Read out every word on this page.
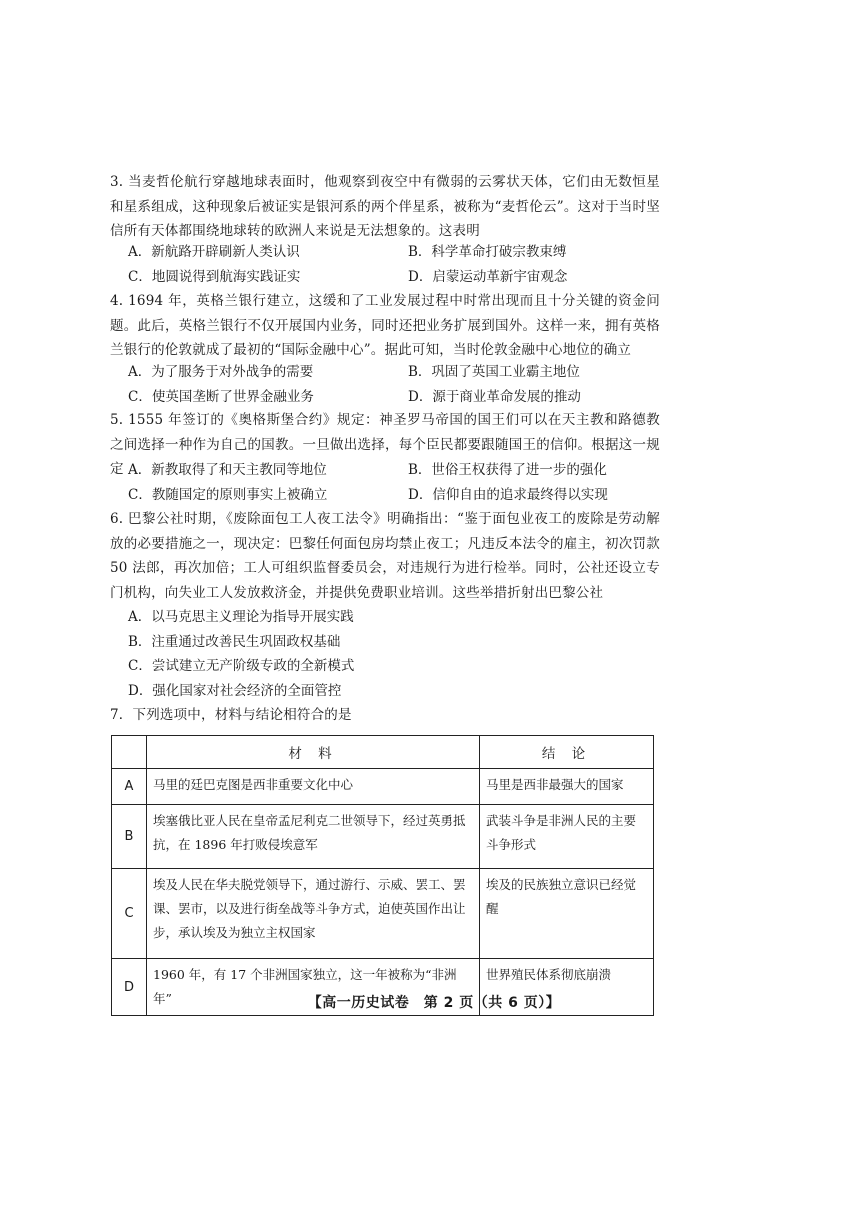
3. 当麦哲伦航行穿越地球表面时，他观察到夜空中有微弱的云雾状天体，它们由无数恒星和星系组成，这种现象后被证实是银河系的两个伴星系，被称为“麦哲伦云”。这对于当时坚信所有天体都围绕地球转的欧洲人来说是无法想象的。这表明

A．新航路开辟刷新人类认识	B．科学革命打破宗教束缚
C．地圆说得到航海实践证实	D．启蒙运动革新宇宙观念

4. 1694 年，英格兰银行建立，这缓和了工业发展过程中时常出现而且十分关键的资金问题。此后，英格兰银行不仅开展国内业务，同时还把业务扩展到国外。这样一来，拥有英格兰银行的伦敦就成了最初的“国际金融中心”。据此可知，当时伦敦金融中心地位的确立

A．为了服务于对外战争的需要	B．巩固了英国工业霸主地位
C．使英国垄断了世界金融业务	D．源于商业革命发展的推动

5. 1555 年签订的《奥格斯堡合约》规定：神圣罗马帝国的国王们可以在天主教和路德教之间选择一种作为自己的国教。一旦做出选择，每个臣民都要跟随国王的信仰。根据这一规定 A．新教取得了和天主教同等地位	B．世俗王权获得了进一步的强化
C．教随国定的原则事实上被确立	D．信仰自由的追求最终得以实现

6. 巴黎公社时期，《废除面包工人夜工法令》明确指出：“鉴于面包业夜工的废除是劳动解放的必要措施之一，现决定：巴黎任何面包房均禁止夜工；凡违反本法令的雇主，初次罚款 50 法郎，再次加倍；工人可组织监督委员会，对违规行为进行检举。同时，公社还设立专门机构，向失业工人发放救济金，并提供免费职业培训。这些举措折射出巴黎公社

A．以马克思主义理论为指导开展实践
B．注重通过改善民生巩固政权基础
C．尝试建立无产阶级专政的全新模式
D．强化国家对社会经济的全面管控

7．下列选项中，材料与结论相符合的是

	材 料	结 论
A	马里的廷巴克图是西非重要文化中心	马里是西非最强大的国家
B	埃塞俄比亚人民在皇帝孟尼利克二世领导下，经过英勇抵抗，在 1896 年打败侵埃意军	武装斗争是非洲人民的主要斗争形式
C	埃及人民在华夫脱党领导下，通过游行、示威、罢工、罢课、罢市，以及进行街垒战等斗争方式，迫使英国作出让步，承认埃及为独立主权国家	埃及的民族独立意识已经觉醒
D	1960 年，有 17 个非洲国家独立，这一年被称为“非洲年”	世界殖民体系彻底崩溃
【高一历史试卷　第 2 页（共 6 页）】
